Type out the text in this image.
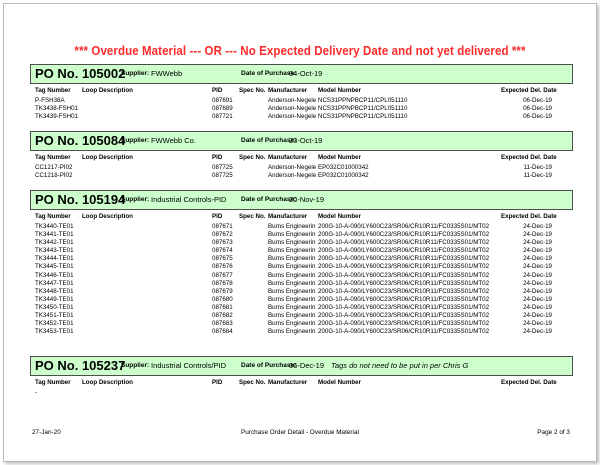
*** Overdue Material --- OR --- No Expected Delivery Date and not yet delivered ***
PO No. 105002
Supplier: FWWebb	Date of Purchase:
04-Oct-19
Tag Number Loop Description	PID	Spec No. Manufacturer Model Number	Expected Del. Date
P-FSH38A	087691	Anderson-Negele NCS31PPNPBCP11/CPL051110	06-Dec-19
TK3438-FSH01	087689	Anderson-Negele NCS31PPNPBCP11/CPL051110	06-Dec-19
TK3439-FSH01	087721	Anderson-Negele NCS31PPNPBCP11/CPL051110	06-Dec-19
PO No. 105084
Supplier: FWWebb Co.	Date of Purchase:
23-Oct-19
Tag Number Loop Description	PID	Spec No. Manufacturer Model Number	Expected Del. Date
CC1217-PI02	087725	Anderson-Negele EP032C01000342	11-Dec-19
CC1218-PI02	087725	Anderson-Negele EP032C01000342	11-Dec-19
PO No. 105194
Supplier: Industrial Controls-PID Date of Purchase:
20-Nov-19
Tag Number Loop Description	PID	Spec No. Manufacturer Model Number	Expected Del. Date
TK3440-TE01	087671	Burns Engineerin 200G-10-A-090/LY600C23/SR06/CR10R11/FC0335S01/MT02	24-Dec-19
TK3441-TE01	087672	Burns Engineerin 200G-10-A-090/LY600C23/SR06/CR10R11/FC0335S01/MT02	24-Dec-19
TK3442-TE01	087673	Burns Engineerin 200G-10-A-090/LY600C23/SR06/CR10R11/FC0335S01/MT02	24-Dec-19
TK3443-TE01	087674	Burns Engineerin 200G-10-A-090/LY600C23/SR06/CR10R11/FC0335S01/MT02	24-Dec-19
TK3444-TE01	087675	Burns Engineerin 200G-10-A-090/LY600C23/SR06/CR10R11/FC0335S01/MT02	24-Dec-19
TK3445-TE01	087676	Burns Engineerin 200G-10-A-090/LY600C23/SR06/CR10R11/FC0335S01/MT02	24-Dec-19
TK3446-TE01	087677	Burns Engineerin 200G-10-A-090/LY600C23/SR06/CR10R11/FC0335S01/MT02	24-Dec-19
TK3447-TE01	087678	Burns Engineerin 200G-10-A-090/LY600C23/SR06/CR10R11/FC0335S01/MT02	24-Dec-19
TK3448-TE01	087679	Burns Engineerin 200G-10-A-090/LY600C23/SR06/CR10R11/FC0335S01/MT02	24-Dec-19
TK3449-TE01	087680	Burns Engineerin 200G-10-A-090/LY600C23/SR06/CR10R11/FC0335S01/MT02	24-Dec-19
TK3450-TE01	087681	Burns Engineerin 200G-10-A-090/LY600C23/SR06/CR10R11/FC0335S01/MT02	24-Dec-19
TK3451-TE01	087682	Burns Engineerin 200G-10-A-090/LY600C23/SR06/CR10R11/FC0335S01/MT02	24-Dec-19
TK3452-TE01	087683	Burns Engineerin 200G-10-A-090/LY600C23/SR06/CR10R11/FC0335S01/MT02	24-Dec-19
TK3453-TE01	087684	Burns Engineerin 200G-10-A-090/LY600C23/SR06/CR10R11/FC0335S01/MT02	24-Dec-19
PO No. 105237
Supplier: Industrial Controls/PID Date of Purchase:
06-Dec-19 Tags do not need to be put in per Chris G
Tag Number Loop Description	PID	Spec No. Manufacturer Model Number	Expected Del. Date
-
27-Jan-20	Purchase Order Detail - Overdue Material	Page 2 of 3
